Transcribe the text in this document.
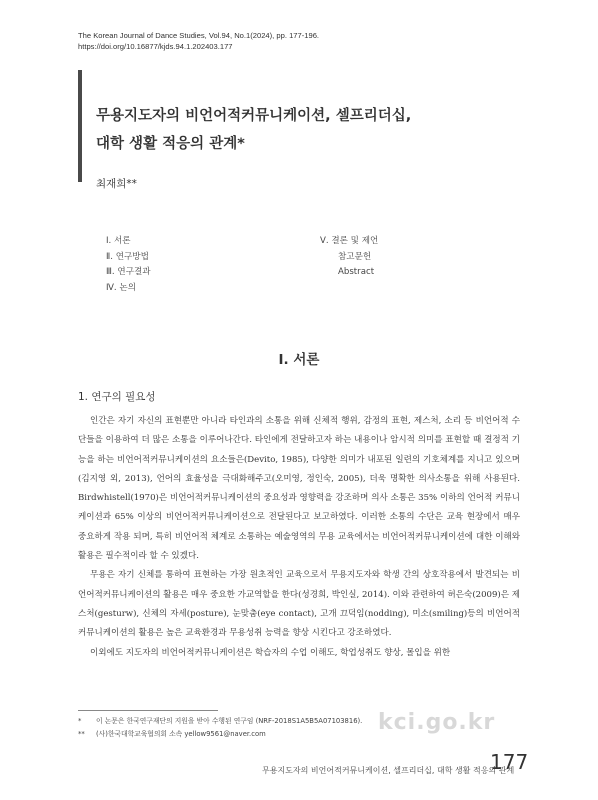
The Korean Journal of Dance Studies, Vol.94, No.1(2024), pp. 177-196.
https://doi.org/10.16877/kjds.94.1.202403.177
무용지도자의 비언어적커뮤니케이션, 셀프리더십,
대학 생활 적응의 관계*
최재희**
Ⅰ. 서론
Ⅱ. 연구방법
Ⅲ. 연구결과
Ⅳ. 논의
Ⅴ. 결론 및 제언
참고문헌
Abstract
I. 서론
1. 연구의 필요성

인간은 자기 자신의 표현뿐만 아니라 타인과의 소통을 위해 신체적 행위, 감정의 표현, 제스처, 소리 등 비언어적 수단들을 이용하여 더 많은 소통을 이루어나간다. 타인에게 전달하고자 하는 내용이나 암시적 의미를 표현할 때 결정적 기능을 하는 비언어적커뮤니케이션의 요소들은(Devito, 1985), 다양한 의미가 내포된 일련의 기호체계를 지니고 있으며(김지영 외, 2013), 언어의 효율성을 극대화해주고(오미영, 정인숙, 2005), 더욱 명확한 의사소통을 위해 사용된다. Birdwhistell(1970)은 비언어적커뮤니케이션의 중요성과 영향력을 강조하며 의사 소통은 35% 이하의 언어적 커뮤니케이션과 65% 이상의 비언어적커뮤니케이션으로 전달된다고 보고하였다. 이러한 소통의 수단은 교육 현장에서 매우 중요하게 작용 되며, 특히 비언어적 체계로 소통하는 예술영역의 무용 교육에서는 비언어적커뮤니케이션에 대한 이해와 활용은 필수적이라 할 수 있겠다.

무용은 자기 신체를 통하여 표현하는 가장 원초적인 교육으로서 무용지도자와 학생 간의 상호작용에서 발견되는 비언어적커뮤니케이션의 활용은 매우 중요한 가교역할을 한다(성경희, 박인실, 2014). 이와 관련하여 허은숙(2009)은 제스처(gesturw), 신체의 자세(posture), 눈맞춤(eye contact), 고개 끄덕임(nodding), 미소(smiling)등의 비언어적커뮤니케이션의 활용은 높은 교육환경과 무용성취 능력을 향상 시킨다고 강조하였다.

이외에도 지도자의 비언어적커뮤니케이션은 학습자의 수업 이해도, 학업성취도 향상, 몰입을 위한

* 이 논문은 한국연구재단의 지원을 받아 수행된 연구임 (NRF-2018S1A5B5A07103816).
** (사)한국대학교육협의회 소속 yellow9561@naver.com	kci.go.kr
무용지도자의 비언어적커뮤니케이션, 셀프리더십, 대학 생활 적응의 관계
177
